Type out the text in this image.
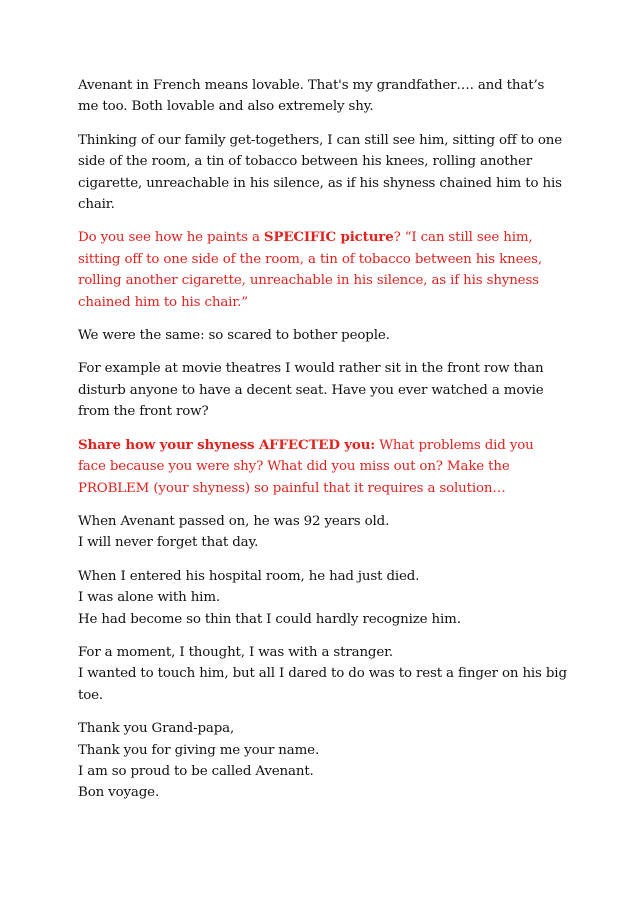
Avenant in French means lovable. That's my grandfather…. and that’s
me too. Both lovable and also extremely shy.

Thinking of our family get-togethers, I can still see him, sitting off to one
side of the room, a tin of tobacco between his knees, rolling another
cigarette, unreachable in his silence, as if his shyness chained him to his
chair.

Do you see how he paints a SPECIFIC picture? “I can still see him,
sitting off to one side of the room, a tin of tobacco between his knees,
rolling another cigarette, unreachable in his silence, as if his shyness
chained him to his chair.”

We were the same: so scared to bother people.

For example at movie theatres I would rather sit in the front row than
disturb anyone to have a decent seat. Have you ever watched a movie
from the front row?

Share how your shyness AFFECTED you: What problems did you
face because you were shy? What did you miss out on? Make the
PROBLEM (your shyness) so painful that it requires a solution…

When Avenant passed on, he was 92 years old.
I will never forget that day.

When I entered his hospital room, he had just died.
I was alone with him.
He had become so thin that I could hardly recognize him.

For a moment, I thought, I was with a stranger.
I wanted to touch him, but all I dared to do was to rest a finger on his big
toe.

Thank you Grand-papa,
Thank you for giving me your name.
I am so proud to be called Avenant.
Bon voyage.
